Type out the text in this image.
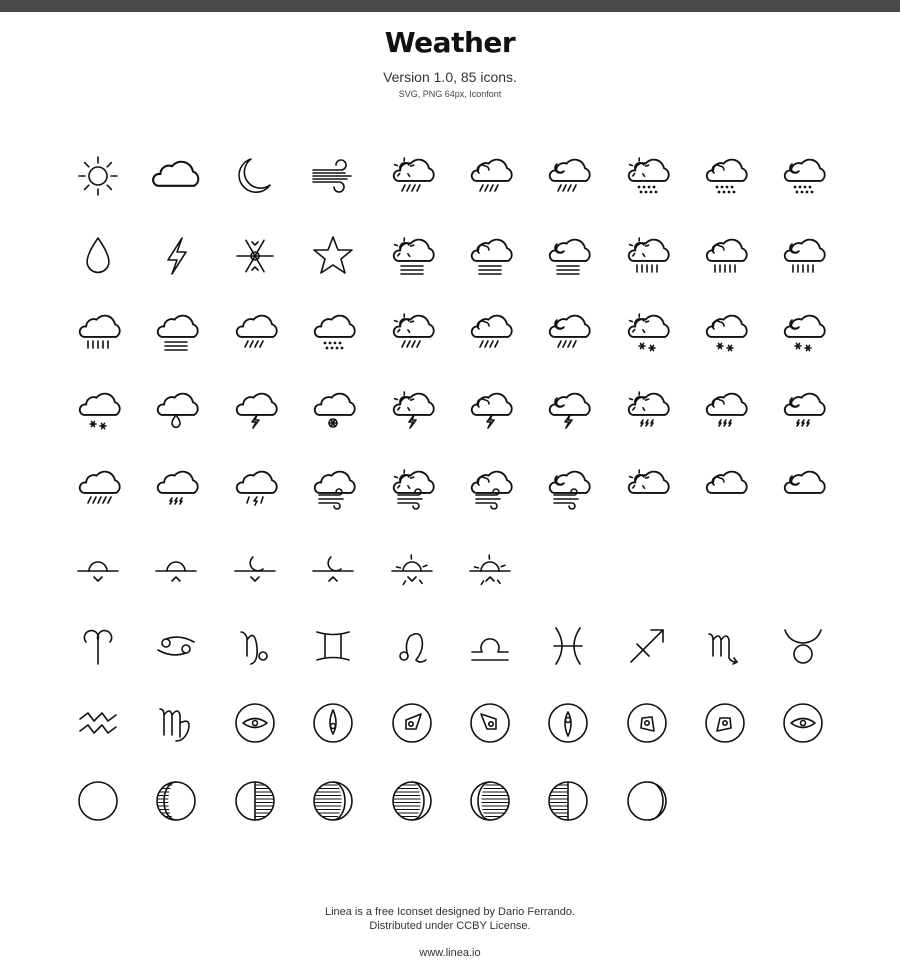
Weather
Version 1.0, 85 icons.
SVG, PNG 64px, Iconfont
Linea is a free Iconset designed by Dario Ferrando.
Distributed under CCBY License.
www.linea.io
